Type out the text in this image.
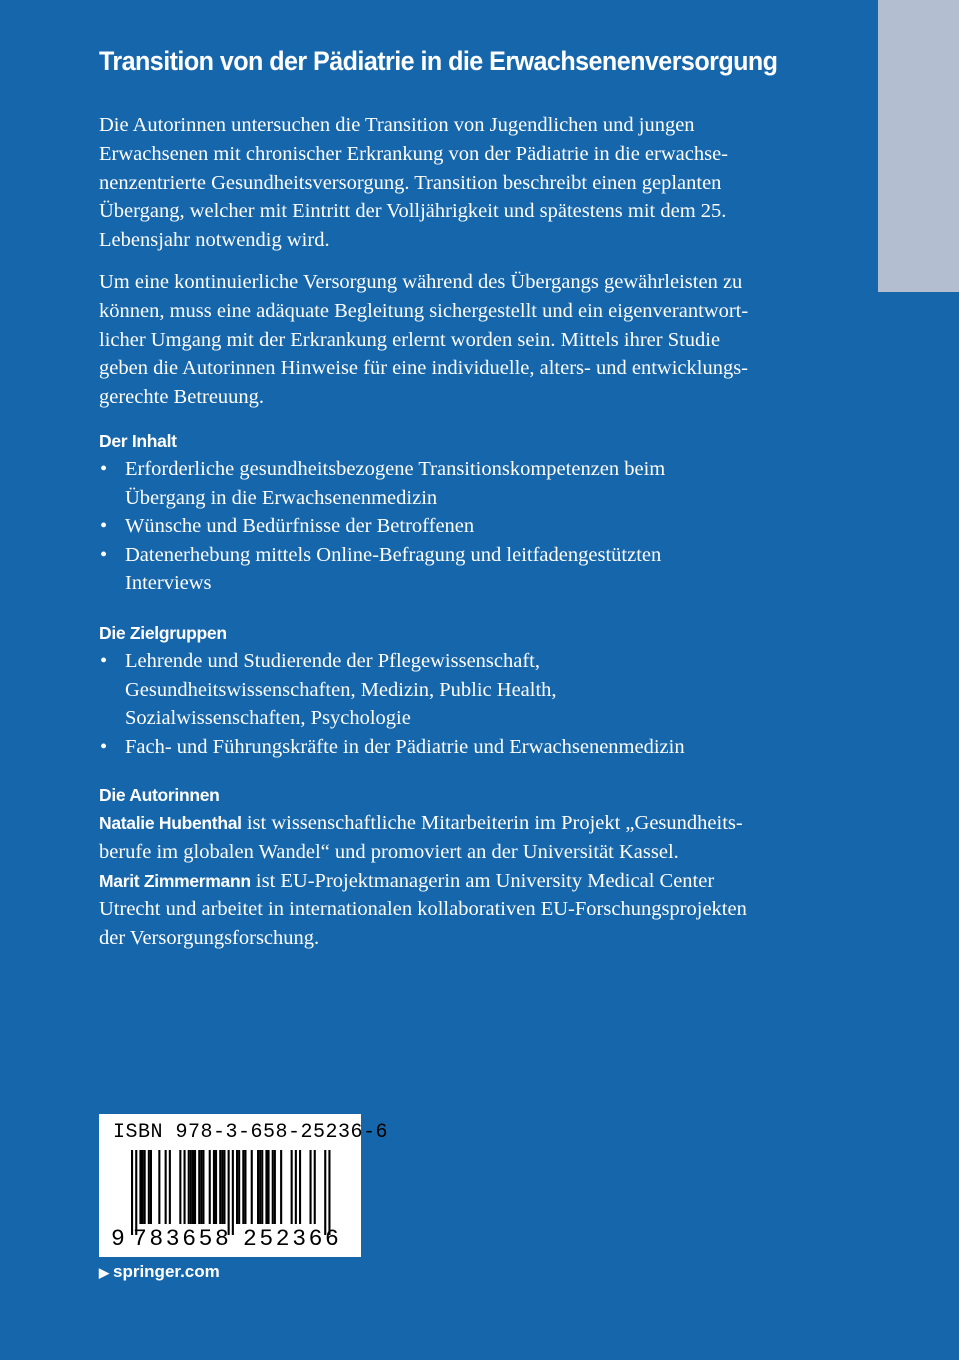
Transition von der Pädiatrie in die Erwachsenenversorgung

Die Autorinnen untersuchen die Transition von Jugendlichen und jungen
Erwachsenen mit chronischer Erkrankung von der Pädiatrie in die erwachse-
nenzentrierte Gesundheitsversorgung. Transition beschreibt einen geplanten
Übergang, welcher mit Eintritt der Volljährigkeit und spätestens mit dem 25.
Lebensjahr notwendig wird.

Um eine kontinuierliche Versorgung während des Übergangs gewährleisten zu
können, muss eine adäquate Begleitung sichergestellt und ein eigenverantwort-
licher Umgang mit der Erkrankung erlernt worden sein. Mittels ihrer Studie
geben die Autorinnen Hinweise für eine individuelle, alters- und entwicklungs-
gerechte Betreuung.

Der Inhalt
• Erforderliche gesundheitsbezogene Transitionskompetenzen beim
Übergang in die Erwachsenenmedizin
• Wünsche und Bedürfnisse der Betroffenen
• Datenerhebung mittels Online-Befragung und leitfadengestützten
Interviews
Die Zielgruppen
• Lehrende und Studierende der Pflegewissenschaft,
Gesundheitswissenschaften, Medizin, Public Health,
Sozialwissenschaften, Psychologie
• Fach- und Führungskräfte in der Pädiatrie und Erwachsenenmedizin
Die Autorinnen
Natalie Hubenthal ist wissenschaftliche Mitarbeiterin im Projekt „Gesundheits-
berufe im globalen Wandel“ und promoviert an der Universität Kassel.
Marit Zimmermann ist EU-Projektmanagerin am University Medical Center
Utrecht und arbeitet in internationalen kollaborativen EU-Forschungsprojekten
der Versorgungsforschung.
ISBN 978-3-658-25236-6
9 783658 252366
▶ springer.com
